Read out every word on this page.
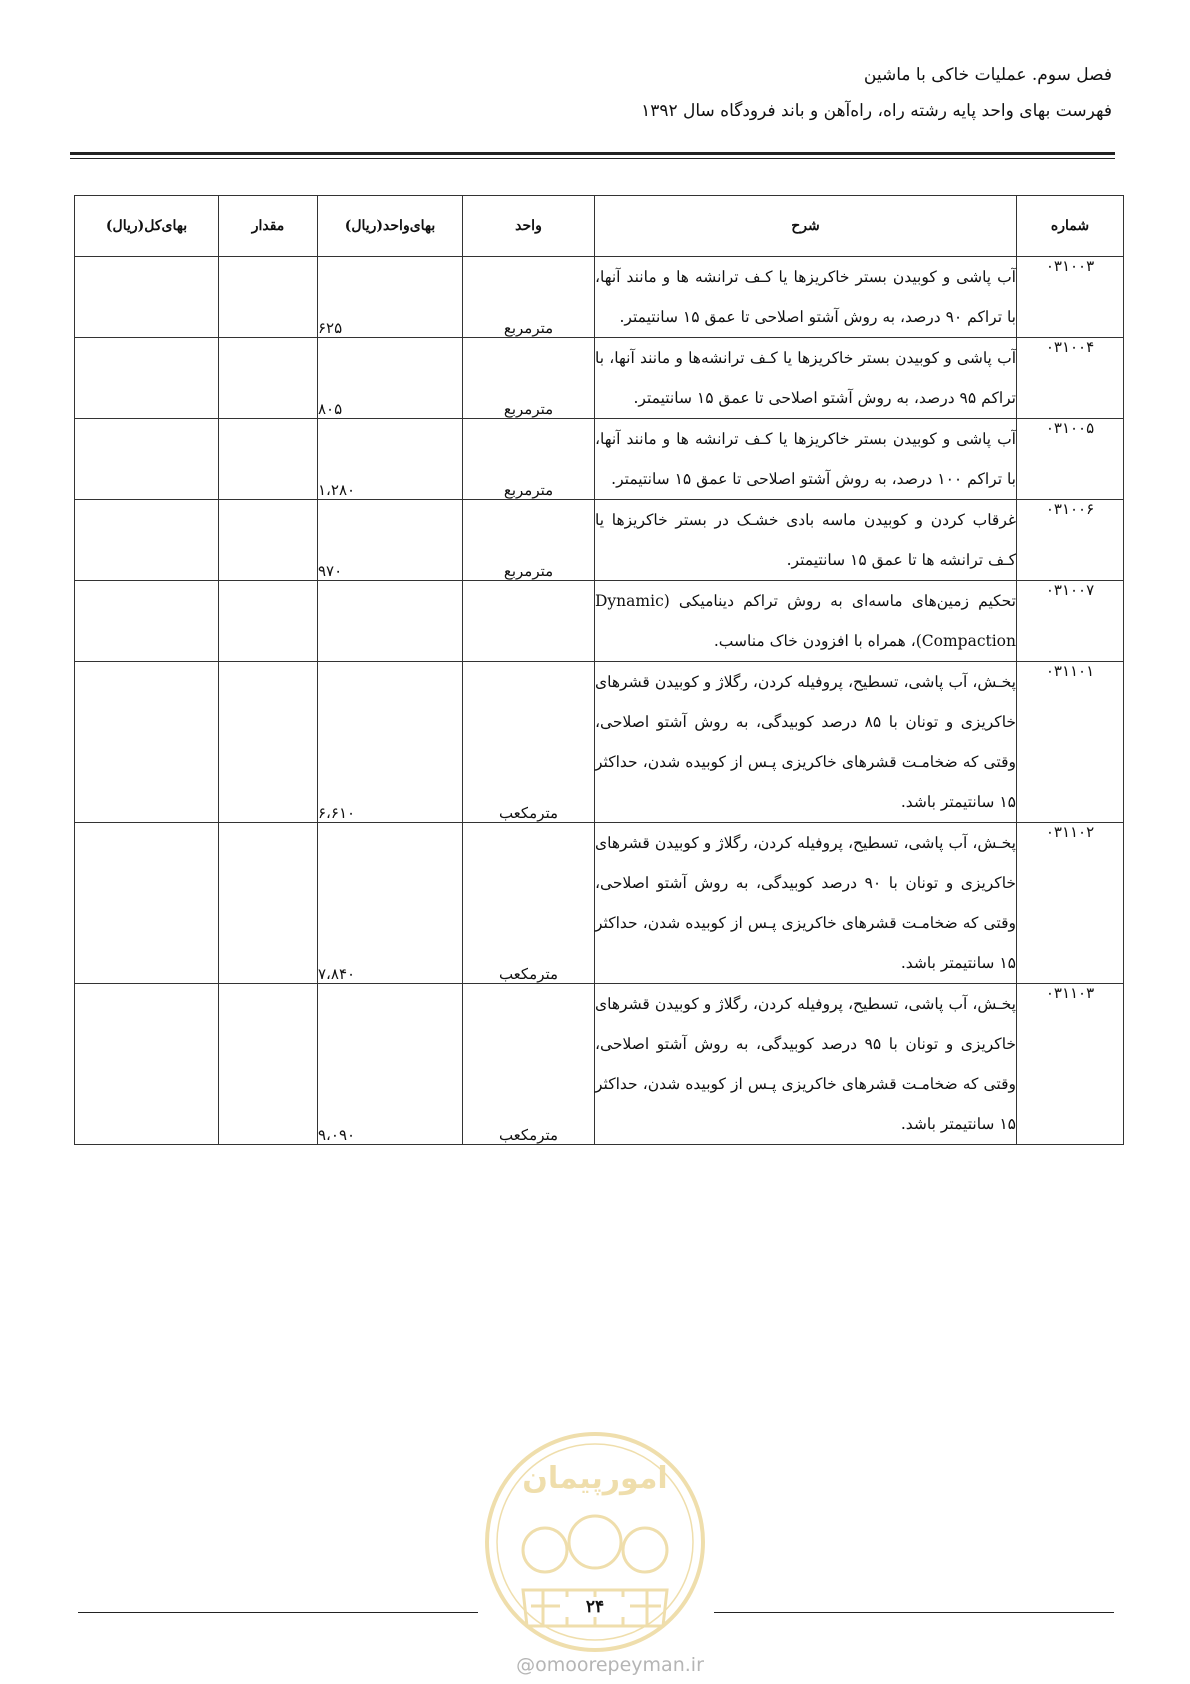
فصل سوم. عملیات خاکی با ماشین
فهرست بهای واحد پایه رشته راه، راه‌آهن و باند فرودگاه سال ۱۳۹۲
شماره	شرح	واحد	بهای‌واحد(ریال)	مقدار	بهای‌کل(ریال)
۰۳۱۰۰۳	آب پاشی و کوبیدن بستر خاکریزها یا کـف ترانشه ها و مانند آنها، با تراکم ۹۰ درصد، به روش آشتو اصلاحی تا عمق ۱۵ سانتیمتر.	مترمربع	۶۲۵		
۰۳۱۰۰۴	آب پاشی و کوبیدن بستر خاکریزها یا کـف ترانشه‌ها و مانند آنها، با تراکم ۹۵ درصد، به روش آشتو اصلاحی تا عمق ۱۵ سانتیمتر.	مترمربع	۸۰۵		
۰۳۱۰۰۵	آب پاشی و کوبیدن بستر خاکریزها یا کـف ترانشه ها و مانند آنها، با تراکم ۱۰۰ درصد، به روش آشتو اصلاحی تا عمق ۱۵ سانتیمتر.	مترمربع	۱،۲۸۰		
۰۳۱۰۰۶	غرقاب کردن و کوبیدن ماسه بادی خشـک در بستر خاکریزها یا کـف ترانشه ها تا عمق ۱۵ سانتیمتر.	مترمربع	۹۷۰		
۰۳۱۰۰۷	تحکیم زمین‌های ماسه‌ای به روش تراکم دینامیکی (Dynamic Compaction)، همراه با افزودن خاک مناسب.				
۰۳۱۱۰۱	پخـش، آب پاشی، تسطیح، پروفیله کردن، رگلاژ و کوبیدن قشرهای خاکریزی و تونان با ۸۵ درصد کوبیدگی، به روش آشتو اصلاحی، وقتی که ضخامـت قشرهای خاکریزی پـس از کوبیده شدن، حداکثر ۱۵ سانتیمتر باشد.	مترمکعب	۶،۶۱۰		
۰۳۱۱۰۲	پخـش، آب پاشی، تسطیح، پروفیله کردن، رگلاژ و کوبیدن قشرهای خاکریزی و تونان با ۹۰ درصد کوبیدگی، به روش آشتو اصلاحی، وقتی که ضخامـت قشرهای خاکریزی پـس از کوبیده شدن، حداکثر ۱۵ سانتیمتر باشد.	مترمکعب	۷،۸۴۰		
۰۳۱۱۰۳	پخـش، آب پاشی، تسطیح، پروفیله کردن، رگلاژ و کوبیدن قشرهای خاکریزی و تونان با ۹۵ درصد کوبیدگی، به روش آشتو اصلاحی، وقتی که ضخامـت قشرهای خاکریزی پـس از کوبیده شدن، حداکثر ۱۵ سانتیمتر باشد.	مترمکعب	۹،۰۹۰		
امورپیمان
۲۴
@omoorepeyman.ir
